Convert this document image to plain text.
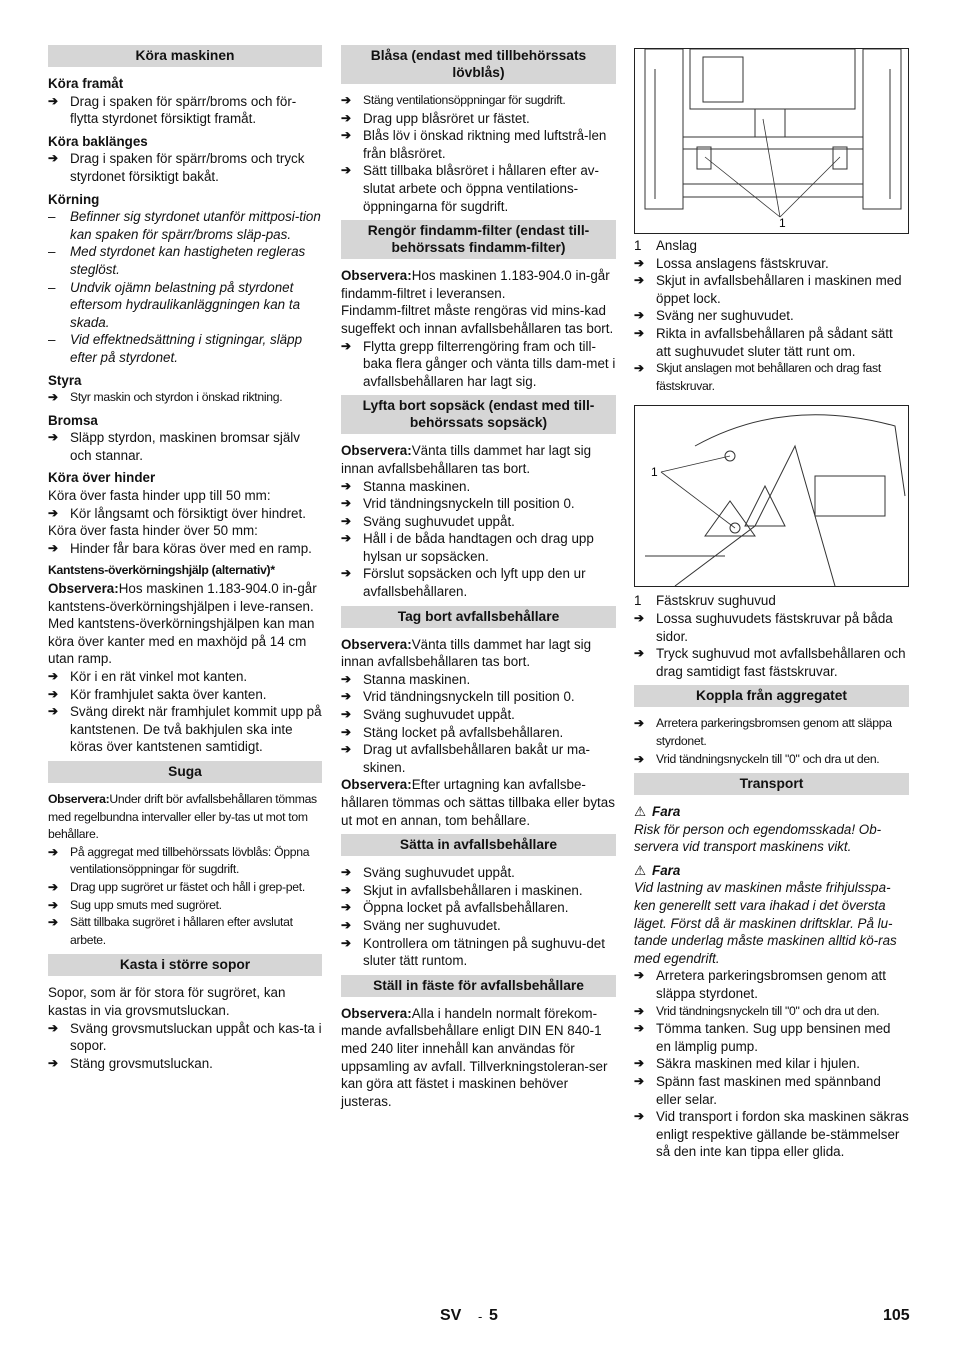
Köra maskinen
Köra framåt
➔ Drag i spaken för spärr/broms och för-flytta styrdonet försiktigt framåt.
Köra baklänges
➔ Drag i spaken för spärr/broms och tryck styrdonet försiktigt bakåt.
Körning
– Befinner sig styrdonet utanför mittposi-tion kan spaken för spärr/broms släp-pas.
– Med styrdonet kan hastigheten regleras steglöst.
– Undvik ojämn belastning på styrdonet eftersom hydraulikanläggningen kan ta skada.
– Vid effektnedsättning i stigningar, släpp efter på styrdonet.
Styra
➔ Styr maskin och styrdon i önskad riktning.
Bromsa
➔ Släpp styrdon, maskinen bromsar själv och stannar.
Köra över hinder
Köra över fasta hinder upp till 50 mm:
➔ Kör långsamt och försiktigt över hindret.
Köra över fasta hinder över 50 mm:
➔ Hinder får bara köras över med en ramp.
Kantstens-överkörningshjälp (alternativ)*
Observera:Hos maskinen 1.183-904.0 in-går kantstens-överkörningshjälpen i leve-ransen.
Med kantstens-överkörningshjälpen kan man köra över kanter med en maxhöjd på 14 cm utan ramp.
➔ Kör i en rät vinkel mot kanten.
➔ Kör framhjulet sakta över kanten.
➔ Sväng direkt när framhjulet kommit upp på kantstenen. De två bakhjulen ska inte köras över kantstenen samtidigt.
Suga
Observera:Under drift bör avfallsbehållaren tömmas med regelbundna intervaller eller by-tas ut mot tom behållare.
➔ På aggregat med tillbehörssats lövblås: Öppna ventilationsöppningar för sugdrift.
➔ Drag upp sugröret ur fästet och håll i grep-pet.
➔ Sug upp smuts med sugröret.
➔ Sätt tillbaka sugröret i hållaren efter avslutat arbete.
Kasta i större sopor
Sopor, som är för stora för sugröret, kan kastas in via grovsmutsluckan.
➔ Sväng grovsmutsluckan uppåt och kas-ta i sopor.
➔ Stäng grovsmutsluckan.
Blåsa (endast med tillbehörssats lövblås)
➔ Stäng ventilationsöppningar för sugdrift.
➔ Drag upp blåsröret ur fästet.
➔ Blås löv i önskad riktning med luftstrå-len från blåsröret.
➔ Sätt tillbaka blåsröret i hållaren efter av-slutat arbete och öppna ventilations-öppningarna för sugdrift.
Rengör findamm-filter (endast till-behörssats findamm-filter)
Observera:Hos maskinen 1.183-904.0 in-går findamm-filtret i leveransen.
Findamm-filtret måste rengöras vid mins-kad sugeffekt och innan avfallsbehållaren tas bort.
➔ Flytta grepp filterrengöring fram och till-baka flera gånger och vänta tills dam-met i avfallsbehållaren har lagt sig.
Lyfta bort sopsäck (endast med till-behörssats sopsäck)
Observera:Vänta tills dammet har lagt sig innan avfallsbehållaren tas bort.
➔ Stanna maskinen.
➔ Vrid tändningsnyckeln till position 0.
➔ Sväng sughuvudet uppåt.
➔ Håll i de båda handtagen och drag upp hylsan ur sopsäcken.
➔ Förslut sopsäcken och lyft upp den ur avfallsbehållaren.
Tag bort avfallsbehållare
Observera:Vänta tills dammet har lagt sig innan avfallsbehållaren tas bort.
➔ Stanna maskinen.
➔ Vrid tändningsnyckeln till position 0.
➔ Sväng sughuvudet uppåt.
➔ Stäng locket på avfallsbehållaren.
➔ Drag ut avfallsbehållaren bakåt ur ma-skinen.
Observera:Efter urtagning kan avfallsbe-hållaren tömmas och sättas tillbaka eller bytas ut mot en annan, tom behållare.
Sätta in avfallsbehållare
➔ Sväng sughuvudet uppåt.
➔ Skjut in avfallsbehållaren i maskinen.
➔ Öppna locket på avfallsbehållaren.
➔ Sväng ner sughuvudet.
➔ Kontrollera om tätningen på sughuvu-det sluter tätt runtom.
Ställ in fäste för avfallsbehållare
Observera:Alla i handeln normalt förekom-mande avfallsbehållare enligt DIN EN 840-1 med 240 liter innehåll kan användas för uppsamling av avfall. Tillverkningstoleran-ser kan göra att fästet i maskinen behöver justeras.
1
1	Anslag
➔ Lossa anslagens fästskruvar.
➔ Skjut in avfallsbehållaren i maskinen med öppet lock.
➔ Sväng ner sughuvudet.
➔ Rikta in avfallsbehållaren på sådant sätt att sughuvudet sluter tätt runt om.
➔ Skjut anslagen mot behållaren och drag fast fästskruvar.
1
1	Fästskruv sughuvud
➔ Lossa sughuvudets fästskruvar på båda sidor.
➔ Tryck sughuvud mot avfallsbehållaren och drag samtidigt fast fästskruvar.
Koppla från aggregatet
➔ Arretera parkeringsbromsen genom att släppa styrdonet.
➔ Vrid tändningsnyckeln till "0" och dra ut den.
Transport
⚠ Fara
Risk för person och egendomsskada! Ob-servera vid transport maskinens vikt.
⚠ Fara
Vid lastning av maskinen måste frihjulsspa-ken generellt sett vara ihakad i det översta läget. Först då är maskinen driftsklar. På lu-tande underlag måste maskinen alltid kö-ras med egendrift.
➔ Arretera parkeringsbromsen genom att släppa styrdonet.
➔ Vrid tändningsnyckeln till "0" och dra ut den.
➔ Tömma tanken. Sug upp bensinen med en lämplig pump.
➔ Säkra maskinen med kilar i hjulen.
➔ Spänn fast maskinen med spännband eller selar.
➔ Vid transport i fordon ska maskinen säkras enligt respektive gällande be-stämmelser så den inte kan tippa eller glida.
SV - 5	105
